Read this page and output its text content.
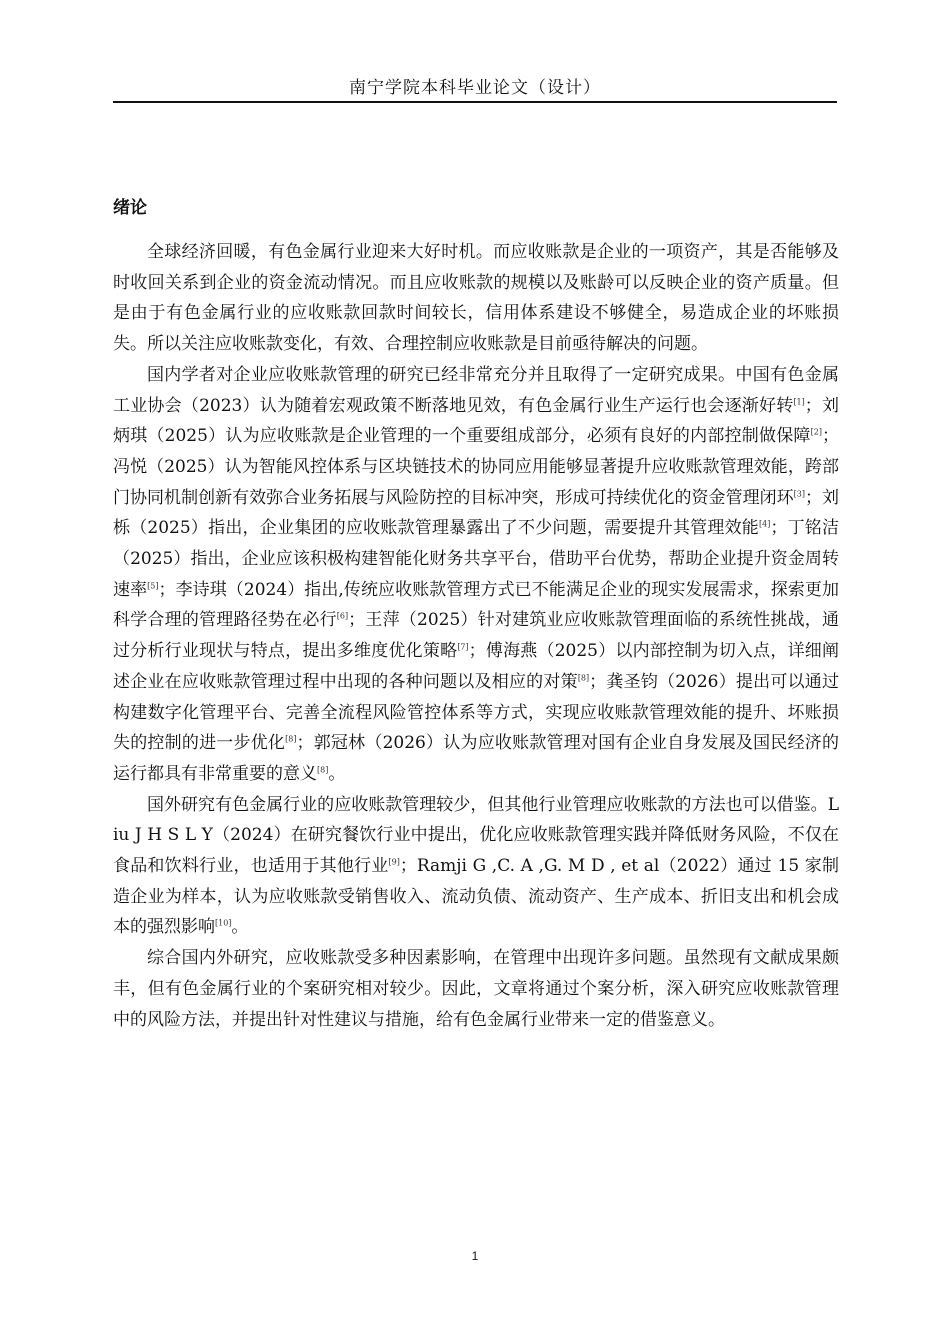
南宁学院本科毕业论文（设计）
绪论

全球经济回暖，有色金属行业迎来大好时机。而应收账款是企业的一项资产，其是否能够及时收回关系到企业的资金流动情况。而且应收账款的规模以及账龄可以反映企业的资产质量。但是由于有色金属行业的应收账款回款时间较长，信用体系建设不够健全，易造成企业的坏账损失。所以关注应收账款变化，有效、合理控制应收账款是目前亟待解决的问题。

国内学者对企业应收账款管理的研究已经非常充分并且取得了一定研究成果。中国有色金属工业协会（2023）认为随着宏观政策不断落地见效，有色金属行业生产运行也会逐渐好转[1]；刘炳琪（2025）认为应收账款是企业管理的一个重要组成部分，必须有良好的内部控制做保障[2]；冯悦（2025）认为智能风控体系与区块链技术的协同应用能够显著提升应收账款管理效能，跨部门协同机制创新有效弥合业务拓展与风险防控的目标冲突，形成可持续优化的资金管理闭环[3]；刘栎（2025）指出，企业集团的应收账款管理暴露出了不少问题，需要提升其管理效能[4]；丁铭洁（2025）指出，企业应该积极构建智能化财务共享平台，借助平台优势，帮助企业提升资金周转速率[5]；李诗琪（2024）指出,传统应收账款管理方式已不能满足企业的现实发展需求，探索更加科学合理的管理路径势在必行[6]；王萍（2025）针对建筑业应收账款管理面临的系统性挑战，通过分析行业现状与特点，提出多维度优化策略[7]；傅海燕（2025）以内部控制为切入点，详细阐述企业在应收账款管理过程中出现的各种问题以及相应的对策[8]；龚圣钧（2026）提出可以通过构建数字化管理平台、完善全流程风险管控体系等方式，实现应收账款管理效能的提升、坏账损失的控制的进一步优化[8]；郭冠林（2026）认为应收账款管理对国有企业自身发展及国民经济的运行都具有非常重要的意义[8]。

国外研究有色金属行业的应收账款管理较少，但其他行业管理应收账款的方法也可以借鉴。Liu J H S L Y（2024）在研究餐饮行业中提出，优化应收账款管理实践并降低财务风险，不仅在食品和饮料行业，也适用于其他行业[9]；Ramji G ,C. A ,G. M D , et al（2022）通过 15 家制造企业为样本，认为应收账款受销售收入、流动负债、流动资产、生产成本、折旧支出和机会成本的强烈影响[10]。

综合国内外研究，应收账款受多种因素影响，在管理中出现许多问题。虽然现有文献成果颇丰，但有色金属行业的个案研究相对较少。因此，文章将通过个案分析，深入研究应收账款管理中的风险方法，并提出针对性建议与措施，给有色金属行业带来一定的借鉴意义。

1
